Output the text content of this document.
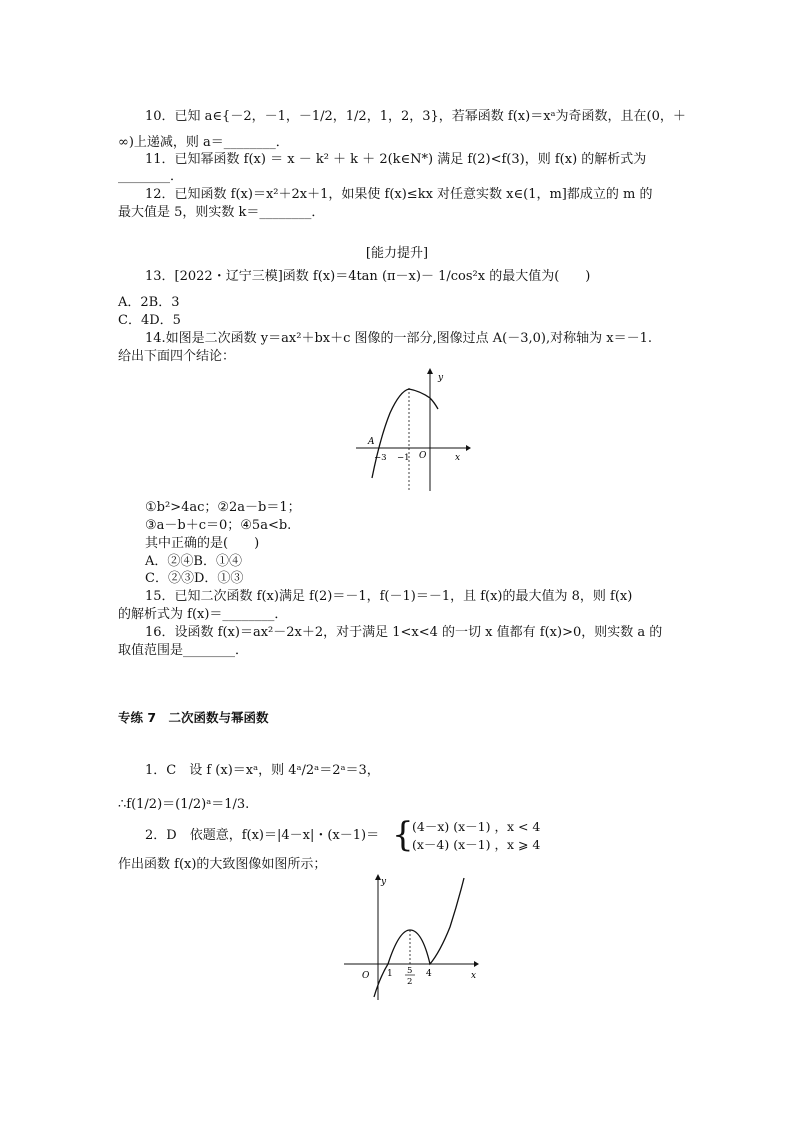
10．已知 a∈{－2，－1，－1/2，1/2，1，2，3}，若幂函数 f(x)＝xᵃ为奇函数，且在(0，＋
∞)上递减，则 a＝________．
11．已知幂函数 f(x) ＝ x － k² ＋ k ＋ 2(k∈N*) 满足 f(2)<f(3)，则 f(x) 的解析式为
________．
12．已知函数 f(x)＝x²＋2x＋1，如果使 f(x)≤kx 对任意实数 x∈(1，m]都成立的 m 的
最大值是 5，则实数 k＝________．
[能力提升]
13．[2022・辽宁三模]函数 f(x)＝4tan (π－x)－ 1/cos²x 的最大值为(　　)
A．2B．3
C．4D．5
14.如图是二次函数 y＝ax²＋bx＋c 图像的一部分,图像过点 A(－3,0),对称轴为 x＝－1.
给出下面四个结论：
y
x
A
−3 −1 O
①b²>4ac；②2a－b＝1；
③a－b＋c＝0；④5a<b.
其中正确的是(　　)
A．②④B．①④
C．②③D．①③
15．已知二次函数 f(x)满足 f(2)＝－1，f(－1)＝－1，且 f(x)的最大值为 8，则 f(x)
的解析式为 f(x)＝________．
16．设函数 f(x)＝ax²－2x＋2，对于满足 1<x<4 的一切 x 值都有 f(x)>0，则实数 a 的
取值范围是________．
专练 7　二次函数与幂函数
1．C　设 f (x)＝xᵃ，则 4ᵃ/2ᵃ＝2ᵃ＝3，
∴f(1/2)＝(1/2)ᵃ＝1/3.
2．D　依题意，f(x)＝|4－x|・(x－1)＝ {
(4－x) (x－1) ，x < 4
(x－4) (x－1) ，x ⩾ 4
作出函数 f(x)的大致图像如图所示；
y
x
O 1 5
2
4
